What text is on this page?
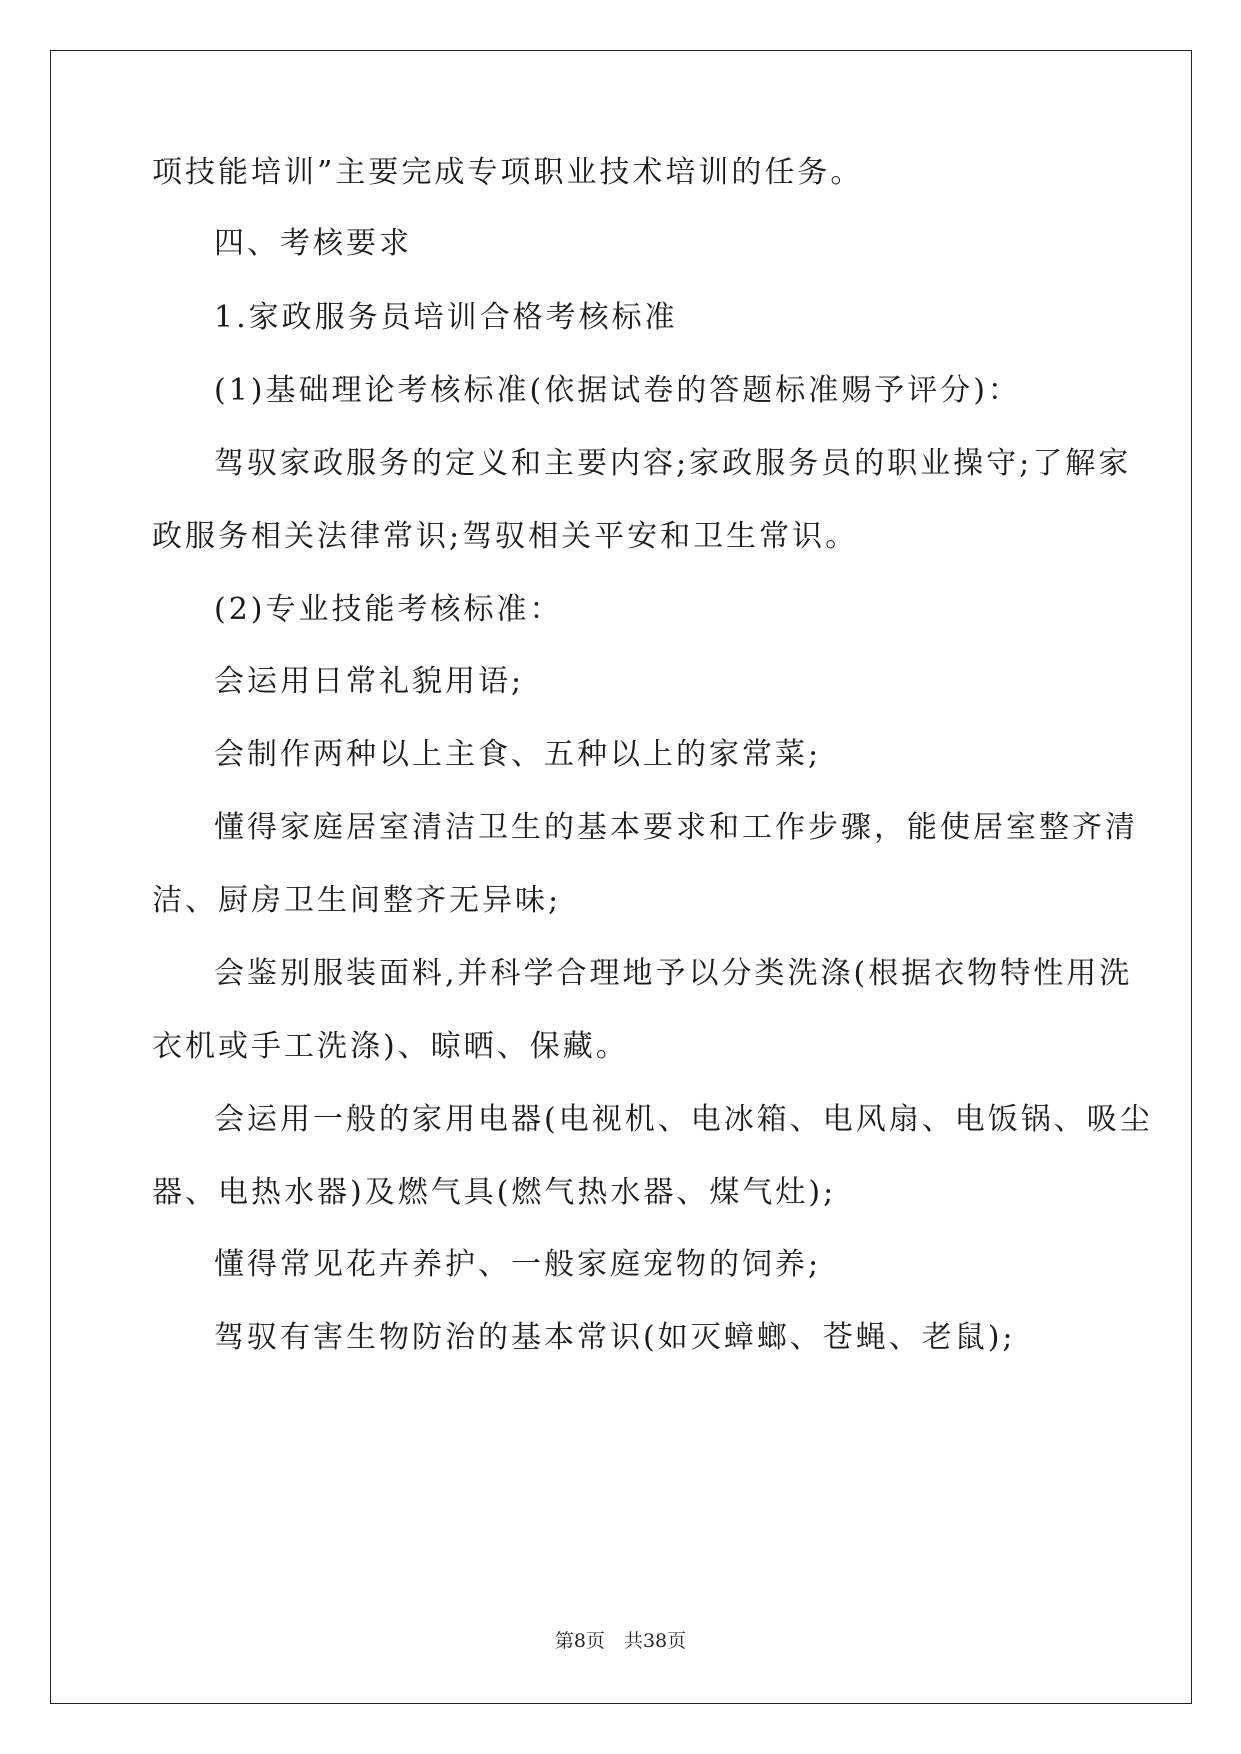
项技能培训”主要完成专项职业技术培训的任务。
四、考核要求
1.家政服务员培训合格考核标准
(1)基础理论考核标准(依据试卷的答题标准赐予评分)：
驾驭家政服务的定义和主要内容;家政服务员的职业操守;了解家
政服务相关法律常识;驾驭相关平安和卫生常识。
(2)专业技能考核标准：
会运用日常礼貌用语;
会制作两种以上主食、五种以上的家常菜;
懂得家庭居室清洁卫生的基本要求和工作步骤，能使居室整齐清
洁、厨房卫生间整齐无异味;
会鉴别服装面料,并科学合理地予以分类洗涤(根据衣物特性用洗
衣机或手工洗涤)、晾晒、保藏。
会运用一般的家用电器(电视机、电冰箱、电风扇、电饭锅、吸尘
器、电热水器)及燃气具(燃气热水器、煤气灶);
懂得常见花卉养护、一般家庭宠物的饲养;
驾驭有害生物防治的基本常识(如灭蟑螂、苍蝇、老鼠);
第8页　共38页
